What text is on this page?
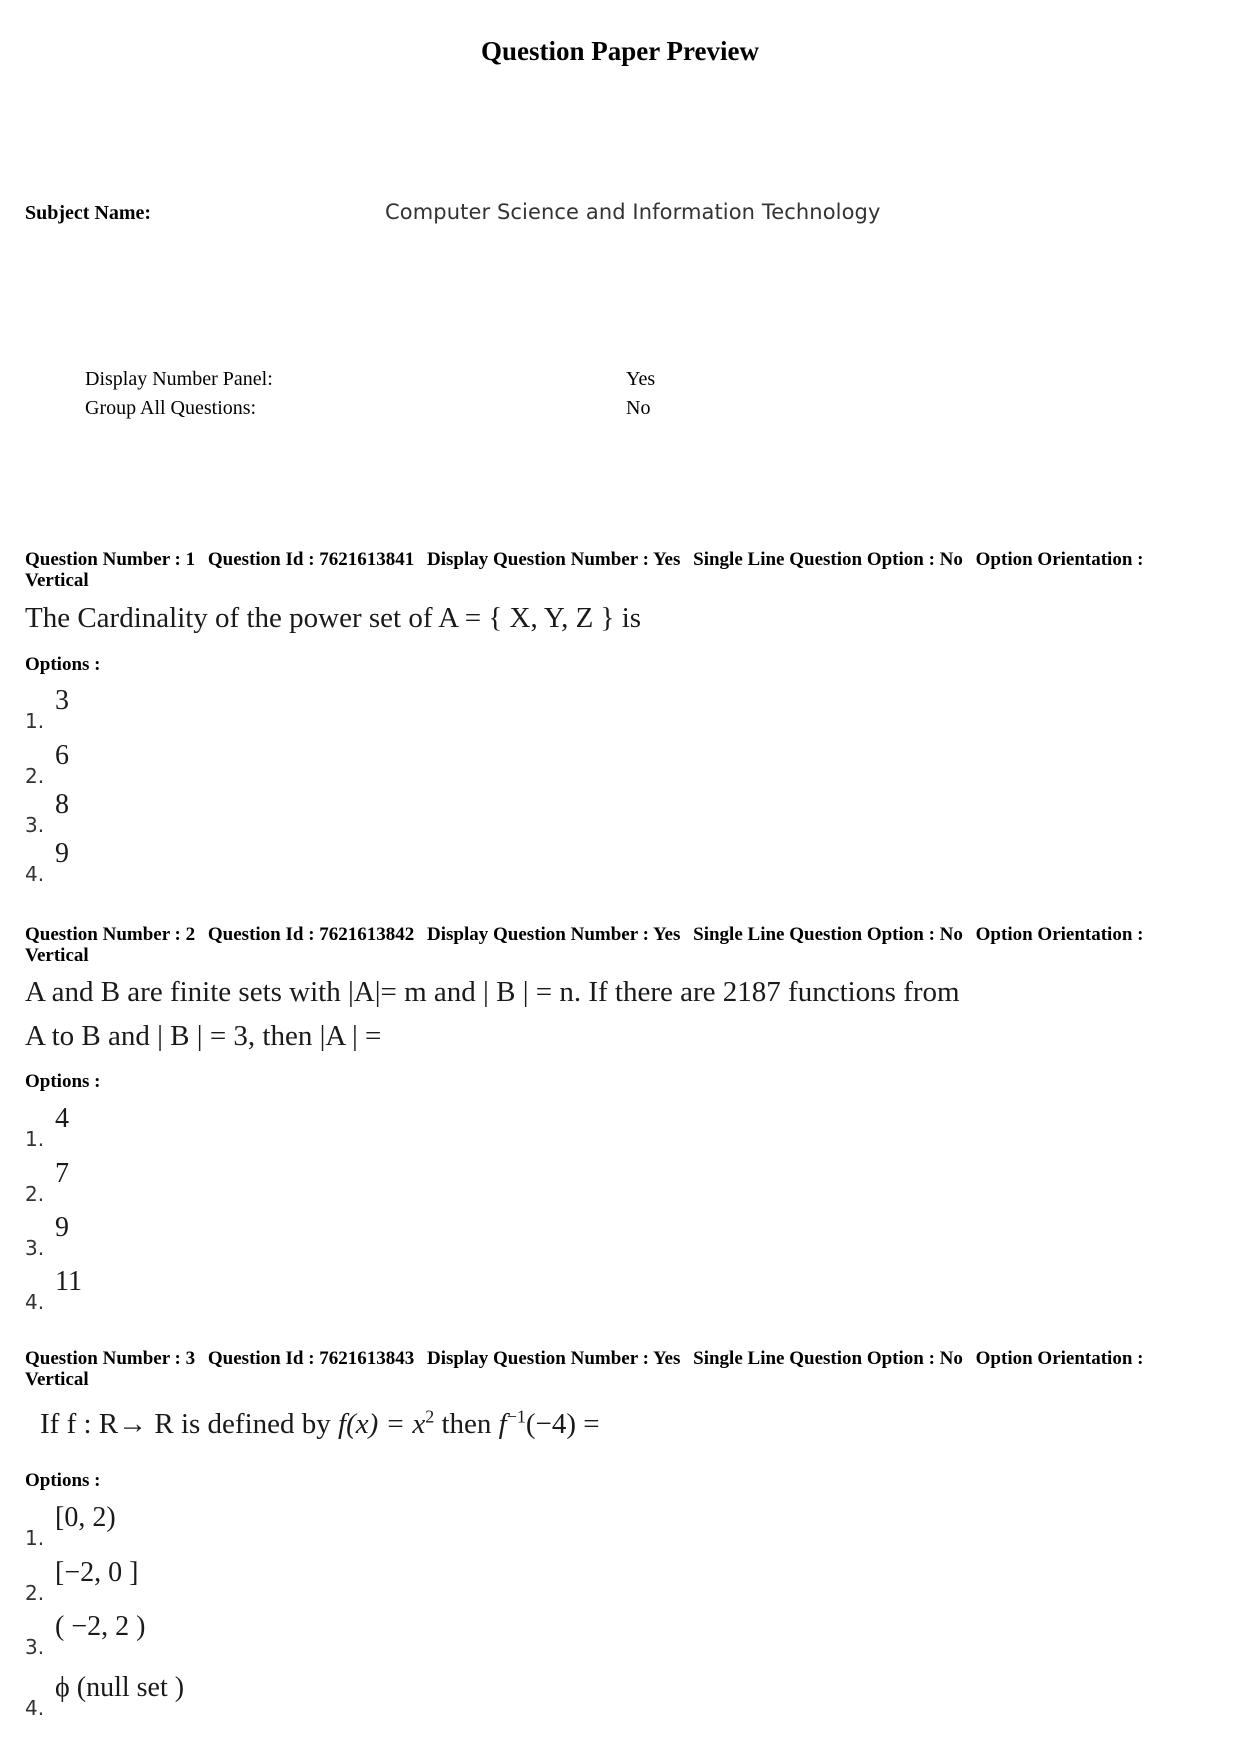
Question Paper Preview
Subject Name:	Computer Science and Information Technology
Display Number Panel:	Yes
Group All Questions:	No
Question Number : 1 Question Id : 7621613841 Display Question Number : Yes Single Line Question Option : No Option Orientation : Vertical
The Cardinality of the power set of A = { X, Y, Z } is
Options :
1.
3
2.
6
3.
8
4.
9
Question Number : 2 Question Id : 7621613842 Display Question Number : Yes Single Line Question Option : No Option Orientation : Vertical
A and B are finite sets with |A|= m and | B | = n. If there are 2187 functions from
A to B and | B | = 3, then |A | =
Options :
1.
4
2.
7
3.
9
4.
11
Question Number : 3 Question Id : 7621613843 Display Question Number : Yes Single Line Question Option : No Option Orientation : Vertical
If f : R→ R is defined by $f(x) = x^2$ then $f^{-1}(-4)$ =
Options :
1.
[0, 2)
2.
[−2, 0 ]
3.
( −2, 2 )
4.
ϕ (null set )
